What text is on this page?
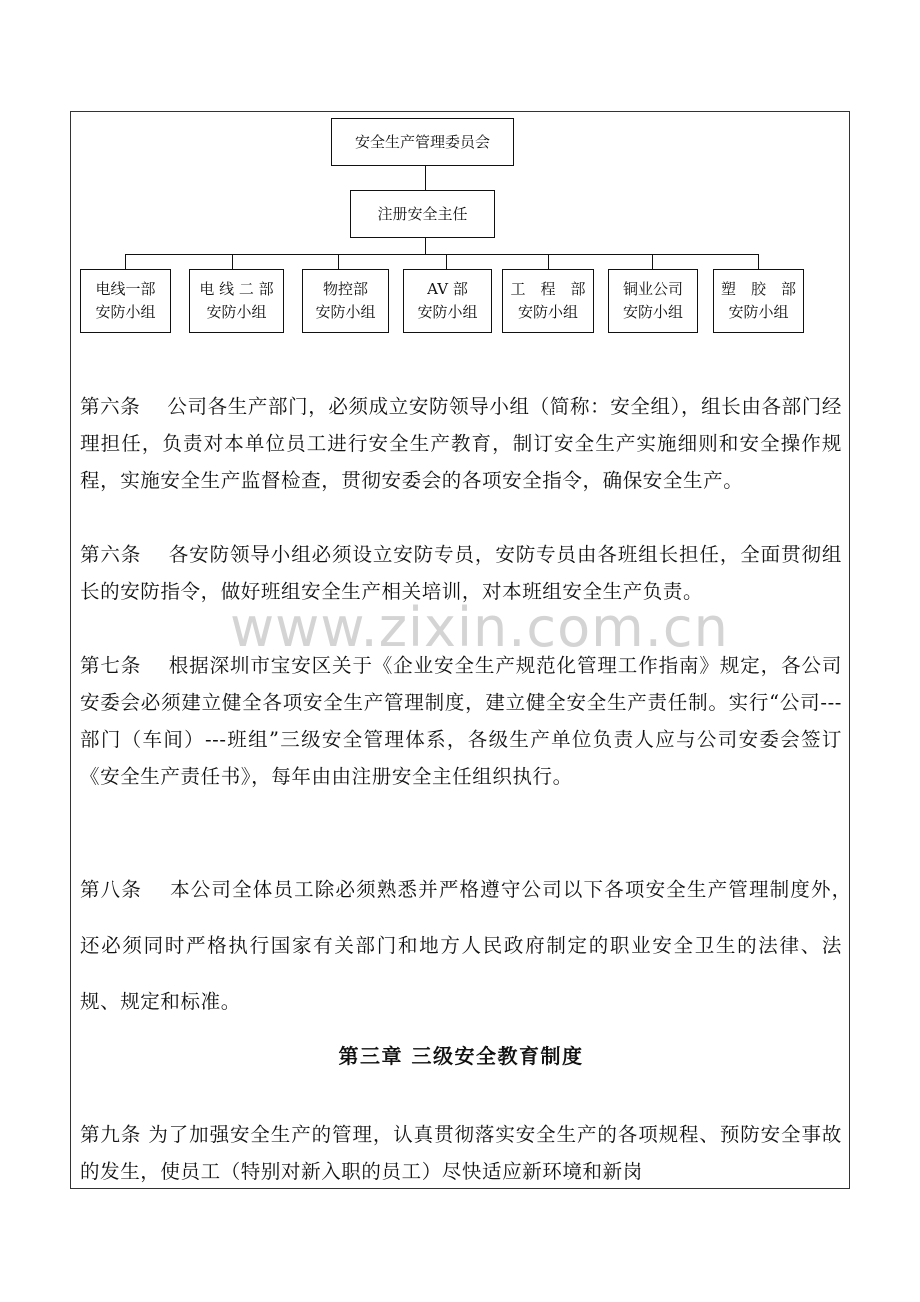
安全生产管理委员会
注册安全主任
电线一部
安防小组
电 线 二 部
安防小组
物控部
安防小组
AV 部
安防小组
工　程　部
安防小组
铜业公司
安防小组
塑　胶　部
安防小组
www.zixin.com.cn
第六条　 公司各生产部门，必须成立安防领导小组（简称：安全组），组长由各部门经理担任，负责对本单位员工进行安全生产教育，制订安全生产实施细则和安全操作规程，实施安全生产监督检查，贯彻安委会的各项安全指令，确保安全生产。
第六条　 各安防领导小组必须设立安防专员，安防专员由各班组长担任，全面贯彻组长的安防指令，做好班组安全生产相关培训，对本班组安全生产负责。
第七条　 根据深圳市宝安区关于《企业安全生产规范化管理工作指南》规定，各公司安委会必须建立健全各项安全生产管理制度，建立健全安全生产责任制。实行“公司---部门（车间）---班组”三级安全管理体系，各级生产单位负责人应与公司安委会签订《安全生产责任书》，每年由由注册安全主任组织执行。
第八条　 本公司全体员工除必须熟悉并严格遵守公司以下各项安全生产管理制度外，　还必须同时严格执行国家有关部门和地方人民政府制定的职业安全卫生的法律、法规、规定和标准。
第三章 三级安全教育制度
第九条 为了加强安全生产的管理，认真贯彻落实安全生产的各项规程、预防安全事故的发生，使员工（特别对新入职的员工）尽快适应新环境和新岗
